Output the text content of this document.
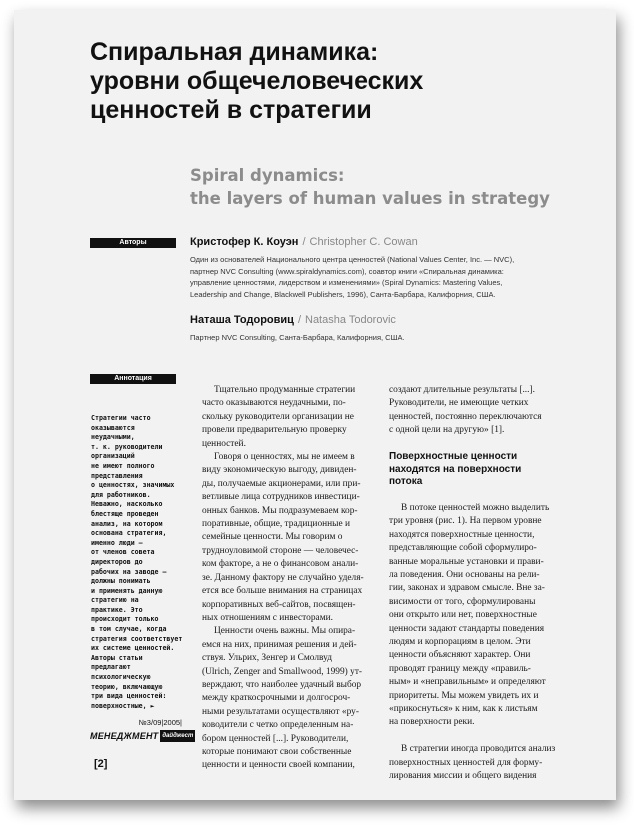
Спиральная динамика:
уровни общечеловеческих
ценностей в стратегии
Spiral dynamics:
the layers of human values in strategy
Авторы	Кристофер К. Коуэн / Christopher C. Cowan
Один из основателей Национального центра ценностей (National Values Center, Inc. — NVC),
партнер NVC Consulting (www.spiraldynamics.com), соавтор книги «Спиральная динамика:
управление ценностями, лидерством и изменениями» (Spiral Dynamics: Mastering Values,
Leadership and Change, Blackwell Publishers, 1996), Санта-Барбара, Калифорния, США.
Наташа Тодоровиц / Natasha Todorovic
Партнер NVC Consulting, Санта-Барбара, Калифорния, США.
Аннотация
Стратегии часто
оказываются
неудачными,
т. к. руководители
организаций
не имеют полного
представления
о ценностях, значимых
для работников.
Неважно, насколько
блестяще проведен
анализ, на котором
основана стратегия,
именно люди —
от членов совета
директоров до
рабочих на заводе —
должны понимать
и применять данную
стратегию на
практике. Это
происходит только
в том случае, когда
стратегия соответствует
их системе ценностей.
Авторы статьи
предлагают
психологическую
теорию, включающую
три вида ценностей:
поверхностные, ►
№3/09|2005|
МЕНЕДЖМЕНТ дайджест
[2]
Тщательно продуманные стратегии
часто оказываются неудачными, по-
скольку руководители организации не
провели предварительную проверку
ценностей.
Говоря о ценностях, мы не имеем в
виду экономическую выгоду, дивиден-
ды, получаемые акционерами, или при-
ветливые лица сотрудников инвестици-
онных банков. Мы подразумеваем кор-
поративные, общие, традиционные и
семейные ценности. Мы говорим о
трудноуловимой стороне — человечес-
ком факторе, а не о финансовом анали-
зе. Данному фактору не случайно уделя-
ется все больше внимания на страницах
корпоративных веб-сайтов, посвящен-
ных отношениям с инвесторами.
Ценности очень важны. Мы опира-
емся на них, принимая решения и дей-
ствуя. Ульрих, Зенгер и Смолвуд
(Ulrich, Zenger and Smallwood, 1999) ут-
верждают, что наиболее удачный выбор
между краткосрочными и долгосроч-
ными результатами осуществляют «ру-
ководители с четко определенным на-
бором ценностей [...]. Руководители,
которые понимают свои собственные
ценности и ценности своей компании,
создают длительные результаты [...].
Руководители, не имеющие четких
ценностей, постоянно переключаются
с одной цели на другую» [1].
Поверхностные ценности
находятся на поверхности
потока
В потоке ценностей можно выделить
три уровня (рис. 1). На первом уровне
находятся поверхностные ценности,
представляющие собой сформулиро-
ванные моральные установки и прави-
ла поведения. Они основаны на рели-
гии, законах и здравом смысле. Вне за-
висимости от того, сформулированы
они открыто или нет, поверхностные
ценности задают стандарты поведения
людям и корпорациям в целом. Эти
ценности объясняют характер. Они
проводят границу между «правиль-
ным» и «неправильным» и определяют
приоритеты. Мы можем увидеть их и
«прикоснуться» к ним, как к листьям
на поверхности реки.
В стратегии иногда проводится анализ
поверхностных ценностей для форму-
лирования миссии и общего видения
